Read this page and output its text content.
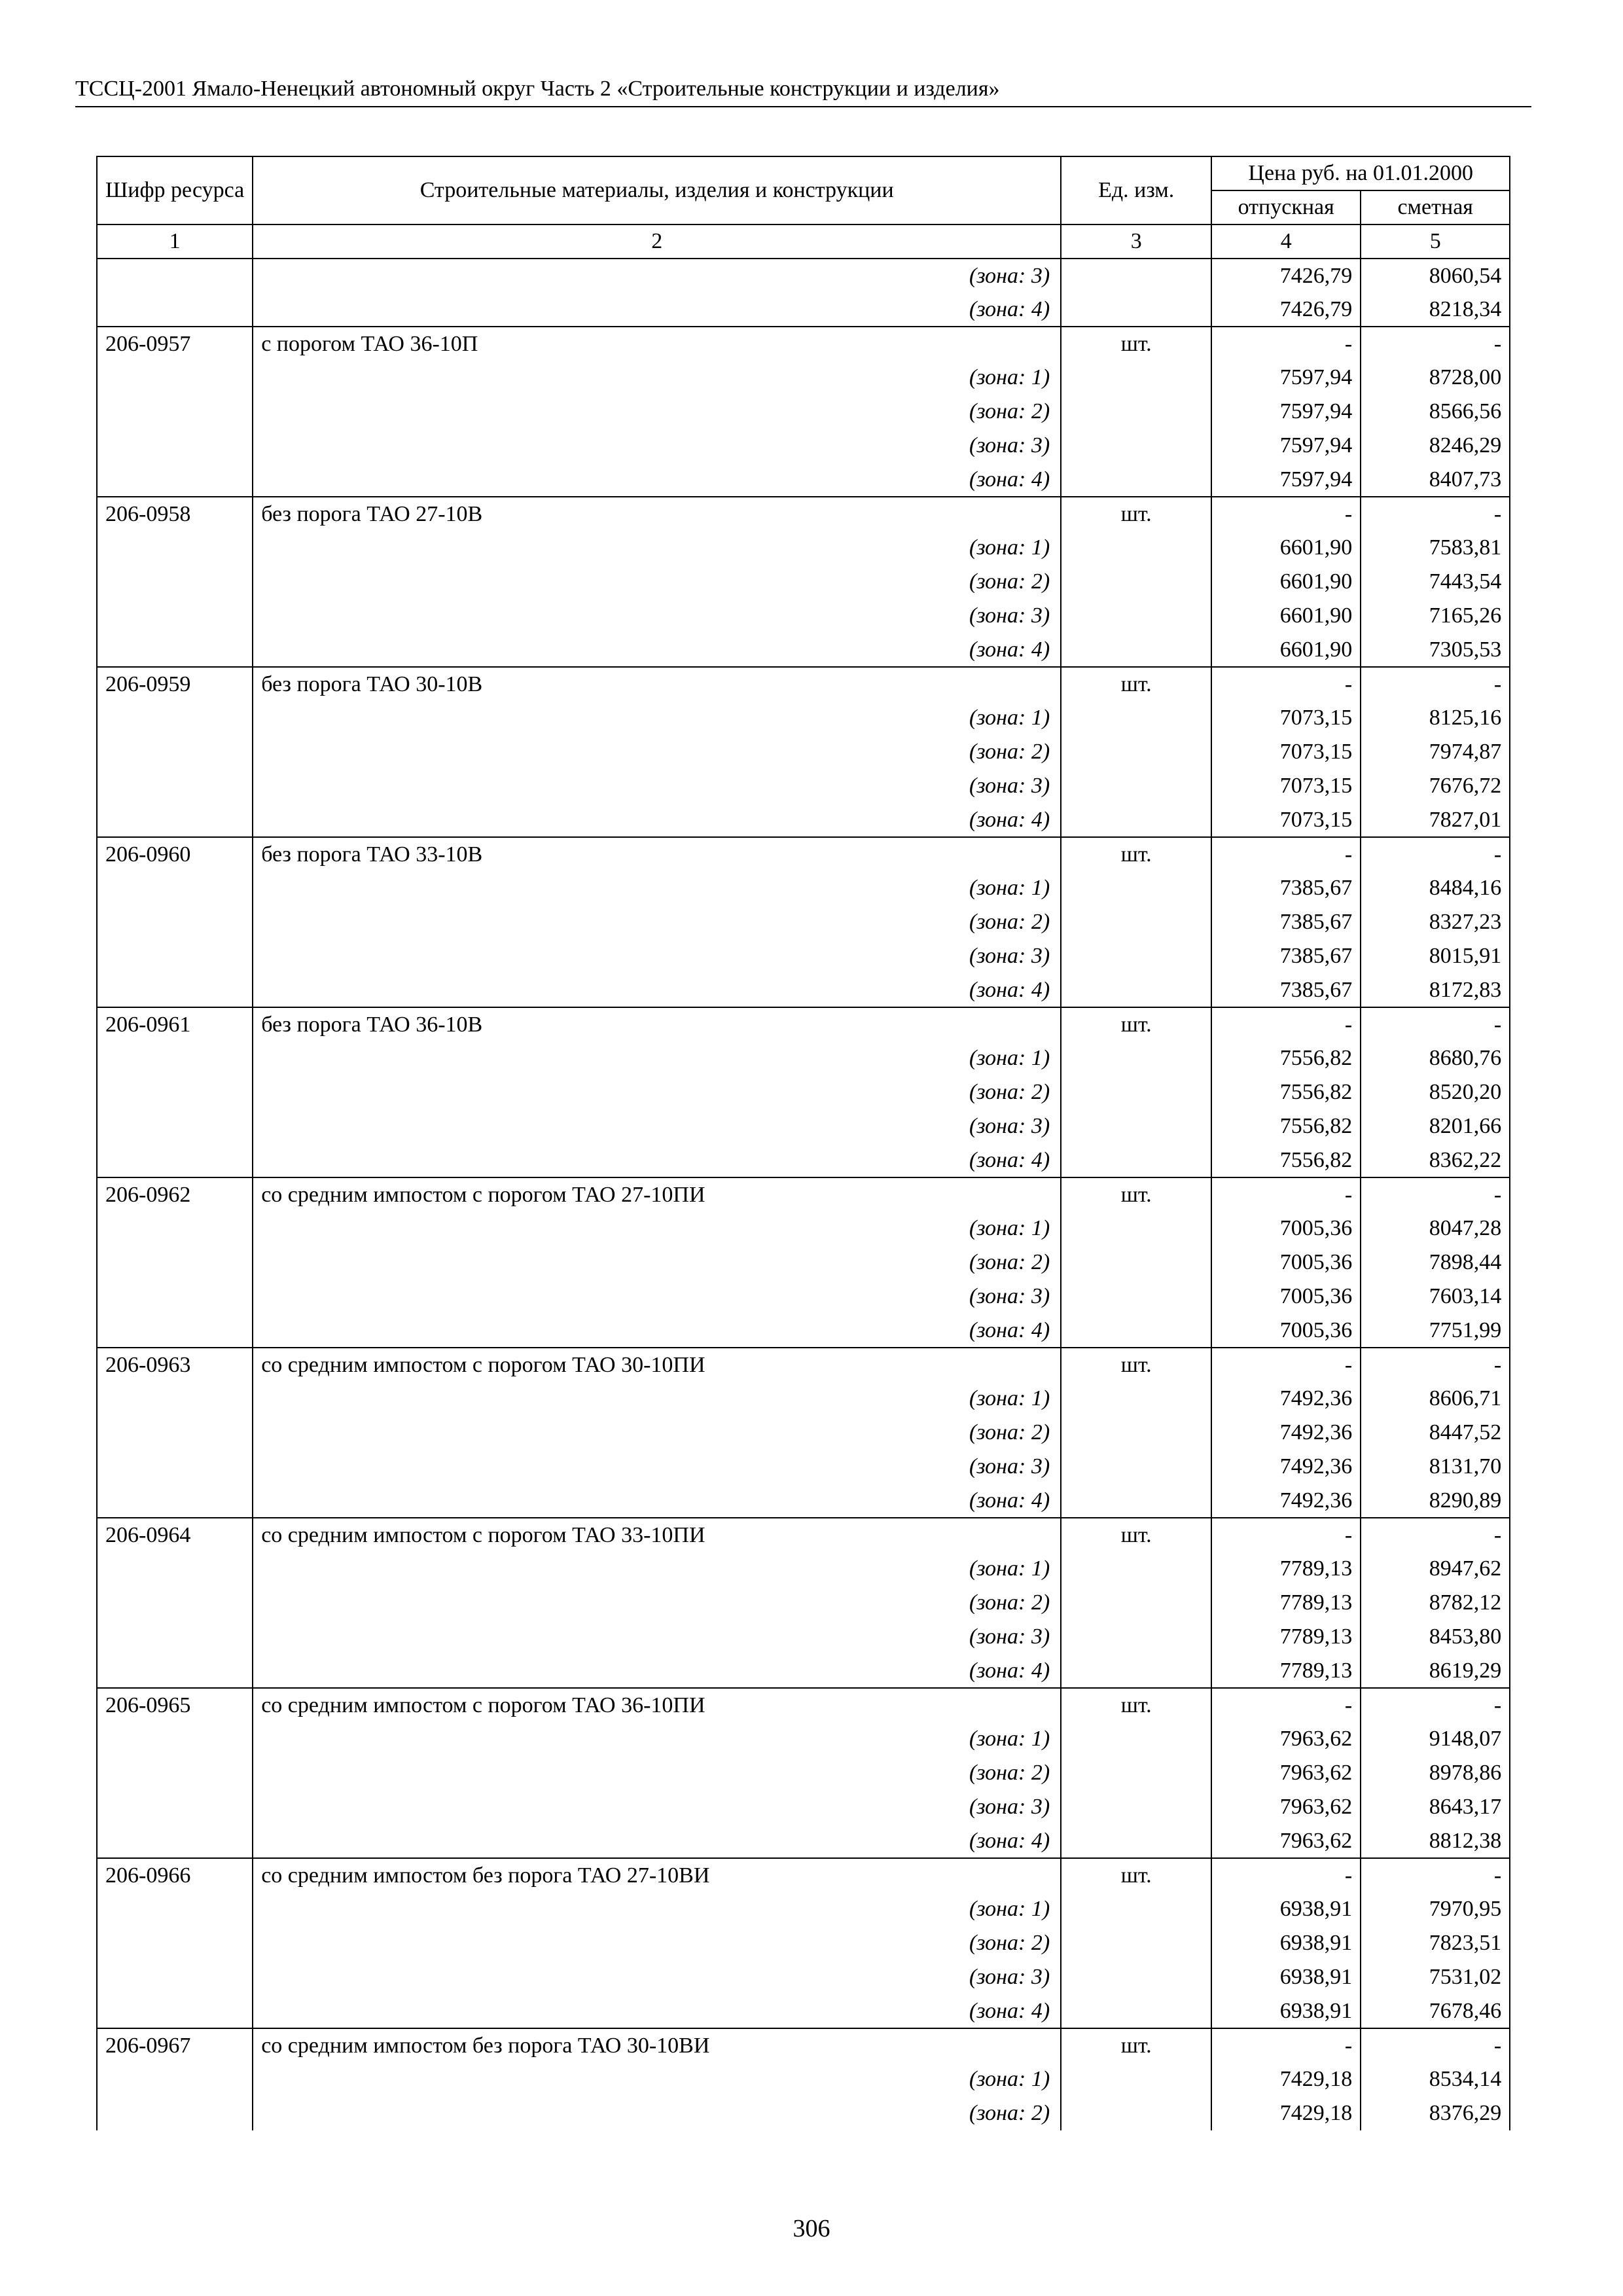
ТССЦ-2001 Ямало-Ненецкий автономный округ Часть 2 «Строительные конструкции и изделия»
Шифр ресурса	Строительные материалы, изделия и конструкции	Ед. изм.	Цена руб. на 01.01.2000	
			отпускная	сметная
1	2	3	4	5
	(зона: 3)		7426,79	8060,54
	(зона: 4)		7426,79	8218,34
206-0957	с порогом ТАО 36-10П	шт.	-	-
	(зона: 1)		7597,94	8728,00
	(зона: 2)		7597,94	8566,56
	(зона: 3)		7597,94	8246,29
	(зона: 4)		7597,94	8407,73
206-0958	без порога ТАО 27-10В	шт.	-	-
	(зона: 1)		6601,90	7583,81
	(зона: 2)		6601,90	7443,54
	(зона: 3)		6601,90	7165,26
	(зона: 4)		6601,90	7305,53
206-0959	без порога ТАО 30-10В	шт.	-	-
	(зона: 1)		7073,15	8125,16
	(зона: 2)		7073,15	7974,87
	(зона: 3)		7073,15	7676,72
	(зона: 4)		7073,15	7827,01
206-0960	без порога ТАО 33-10В	шт.	-	-
	(зона: 1)		7385,67	8484,16
	(зона: 2)		7385,67	8327,23
	(зона: 3)		7385,67	8015,91
	(зона: 4)		7385,67	8172,83
206-0961	без порога ТАО 36-10В	шт.	-	-
	(зона: 1)		7556,82	8680,76
	(зона: 2)		7556,82	8520,20
	(зона: 3)		7556,82	8201,66
	(зона: 4)		7556,82	8362,22
206-0962	со средним импостом с порогом ТАО 27-10ПИ	шт.	-	-
	(зона: 1)		7005,36	8047,28
	(зона: 2)		7005,36	7898,44
	(зона: 3)		7005,36	7603,14
	(зона: 4)		7005,36	7751,99
206-0963	со средним импостом с порогом ТАО 30-10ПИ	шт.	-	-
	(зона: 1)		7492,36	8606,71
	(зона: 2)		7492,36	8447,52
	(зона: 3)		7492,36	8131,70
	(зона: 4)		7492,36	8290,89
206-0964	со средним импостом с порогом ТАО 33-10ПИ	шт.	-	-
	(зона: 1)		7789,13	8947,62
	(зона: 2)		7789,13	8782,12
	(зона: 3)		7789,13	8453,80
	(зона: 4)		7789,13	8619,29
206-0965	со средним импостом с порогом ТАО 36-10ПИ	шт.	-	-
	(зона: 1)		7963,62	9148,07
	(зона: 2)		7963,62	8978,86
	(зона: 3)		7963,62	8643,17
	(зона: 4)		7963,62	8812,38
206-0966	со средним импостом без порога ТАО 27-10ВИ	шт.	-	-
	(зона: 1)		6938,91	7970,95
	(зона: 2)		6938,91	7823,51
	(зона: 3)		6938,91	7531,02
	(зона: 4)		6938,91	7678,46
206-0967	со средним импостом без порога ТАО 30-10ВИ	шт.	-	-
	(зона: 1)		7429,18	8534,14
	(зона: 2)		7429,18	8376,29
306
